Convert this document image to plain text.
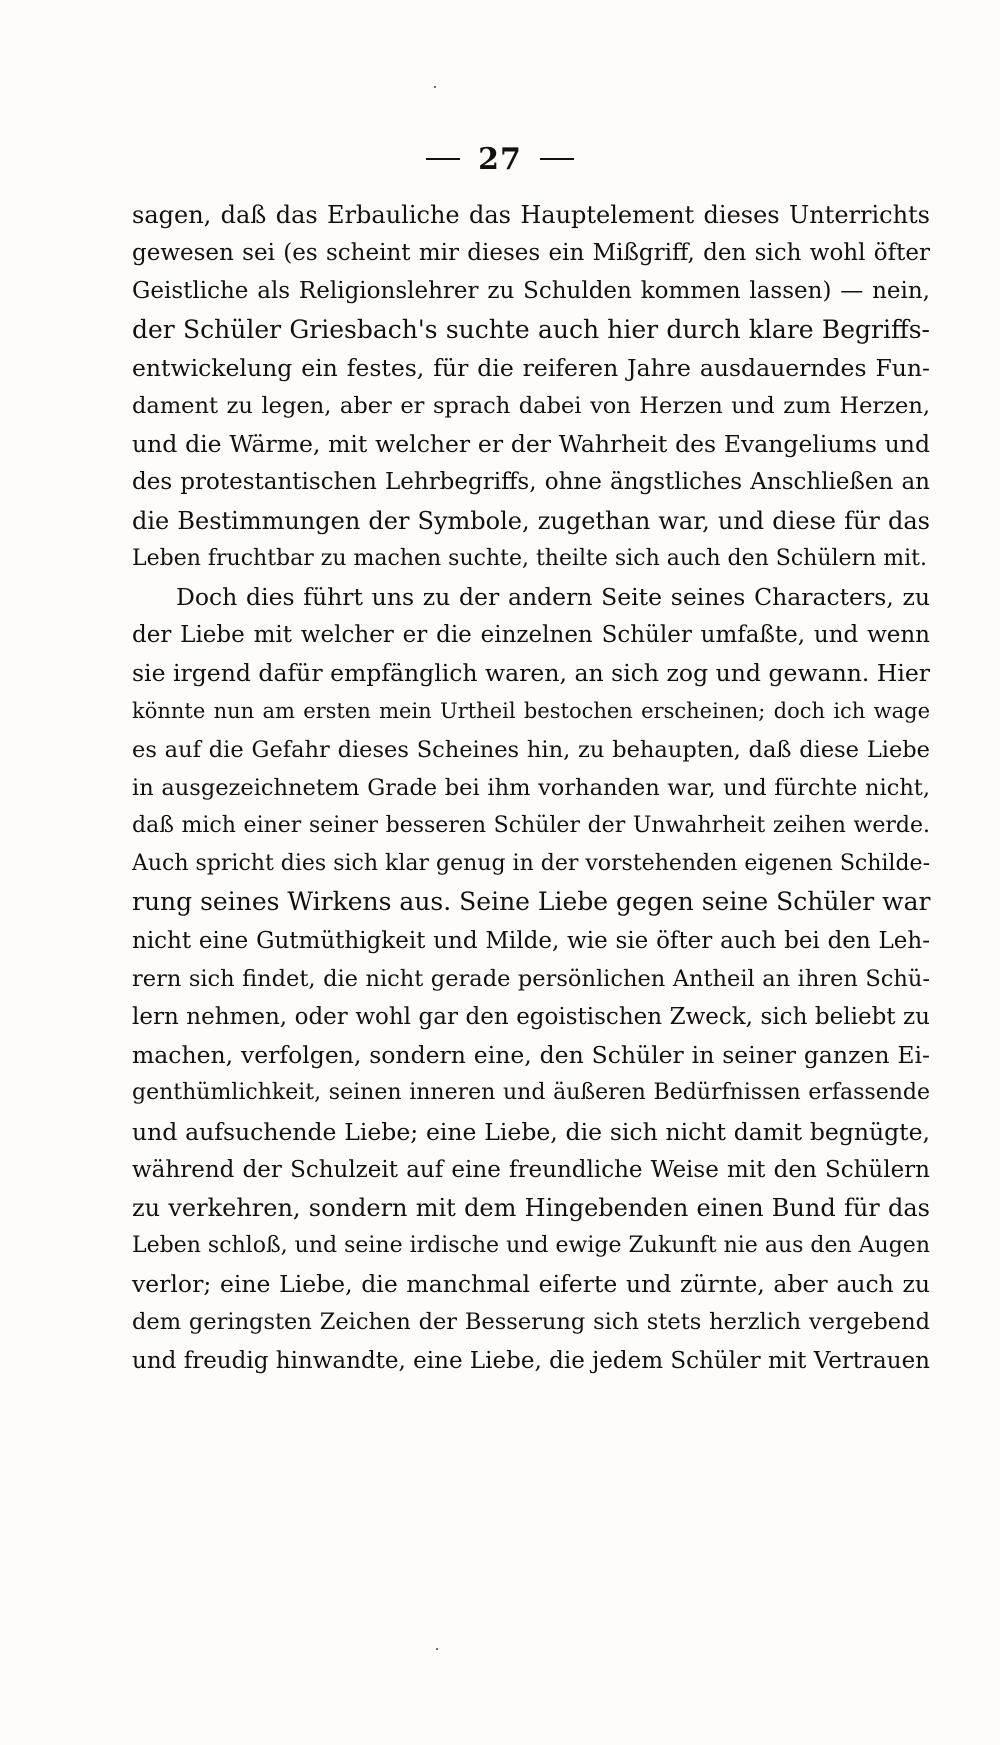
27
sagen, daß das Erbauliche das Hauptelement dieses Unterrichts
gewesen sei (es scheint mir dieses ein Mißgriff, den sich wohl öfter
Geistliche als Religionslehrer zu Schulden kommen lassen) — nein,
der Schüler Griesbach's suchte auch hier durch klare Begriffs-
entwickelung ein festes, für die reiferen Jahre ausdauerndes Fun-
dament zu legen, aber er sprach dabei von Herzen und zum Herzen,
und die Wärme, mit welcher er der Wahrheit des Evangeliums und
des protestantischen Lehrbegriffs, ohne ängstliches Anschließen an
die Bestimmungen der Symbole, zugethan war, und diese für das
Leben fruchtbar zu machen suchte, theilte sich auch den Schülern mit.
Doch dies führt uns zu der andern Seite seines Characters, zu
der Liebe mit welcher er die einzelnen Schüler umfaßte, und wenn
sie irgend dafür empfänglich waren, an sich zog und gewann. Hier
könnte nun am ersten mein Urtheil bestochen erscheinen; doch ich wage
es auf die Gefahr dieses Scheines hin, zu behaupten, daß diese Liebe
in ausgezeichnetem Grade bei ihm vorhanden war, und fürchte nicht,
daß mich einer seiner besseren Schüler der Unwahrheit zeihen werde.
Auch spricht dies sich klar genug in der vorstehenden eigenen Schilde-
rung seines Wirkens aus. Seine Liebe gegen seine Schüler war
nicht eine Gutmüthigkeit und Milde, wie sie öfter auch bei den Leh-
rern sich findet, die nicht gerade persönlichen Antheil an ihren Schü-
lern nehmen, oder wohl gar den egoistischen Zweck, sich beliebt zu
machen, verfolgen, sondern eine, den Schüler in seiner ganzen Ei-
genthümlichkeit, seinen inneren und äußeren Bedürfnissen erfassende
und aufsuchende Liebe; eine Liebe, die sich nicht damit begnügte,
während der Schulzeit auf eine freundliche Weise mit den Schülern
zu verkehren, sondern mit dem Hingebenden einen Bund für das
Leben schloß, und seine irdische und ewige Zukunft nie aus den Augen
verlor; eine Liebe, die manchmal eiferte und zürnte, aber auch zu
dem geringsten Zeichen der Besserung sich stets herzlich vergebend
und freudig hinwandte, eine Liebe, die jedem Schüler mit Vertrauen
